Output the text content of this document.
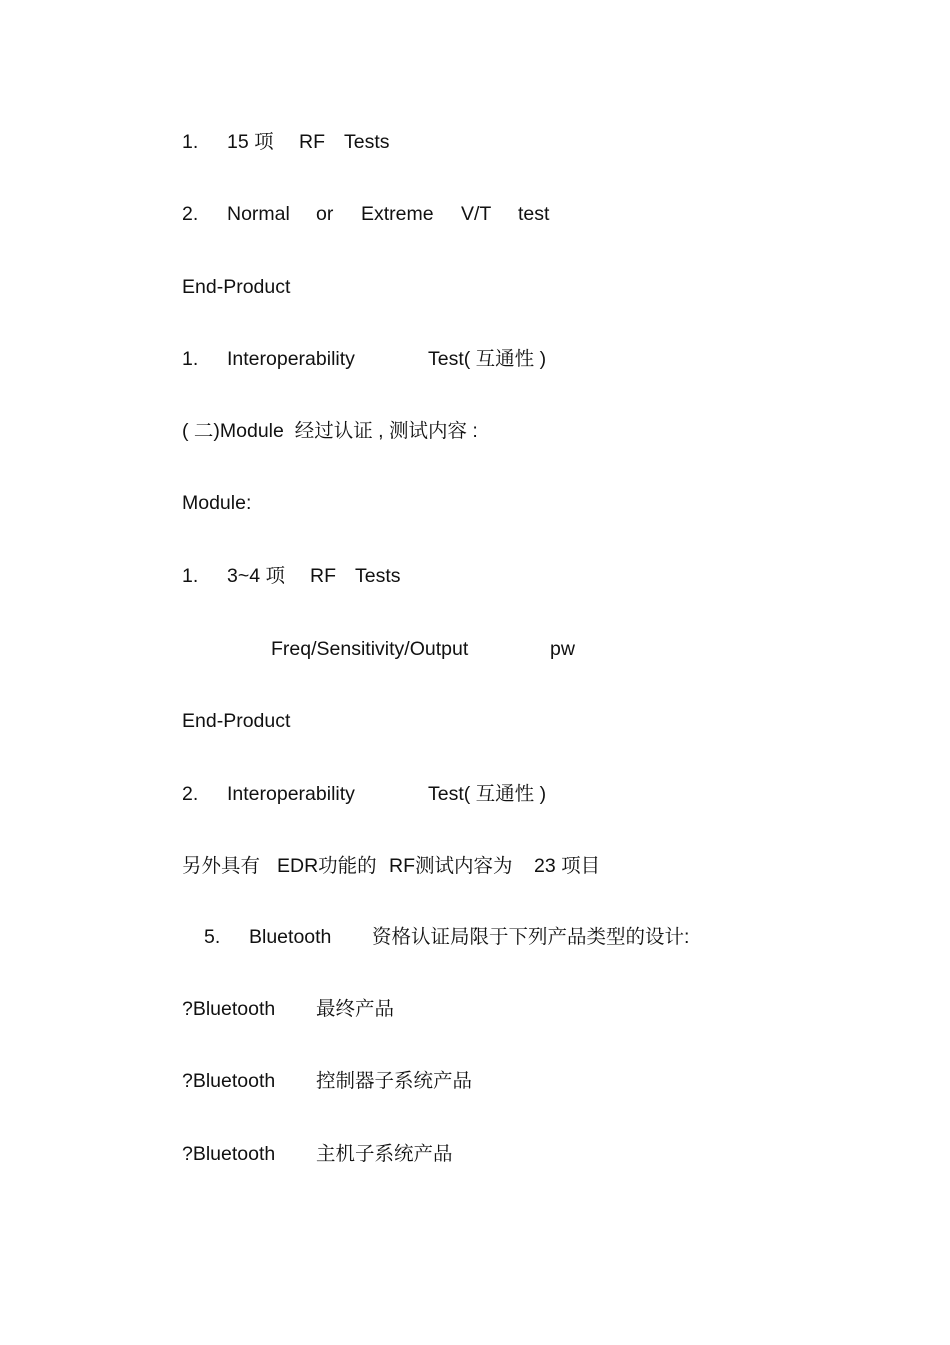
1.

15 项

RF

Tests

2.

Normal

or

Extreme

V/T

test

End-Product

1.

Interoperability

	Test( 互通性 )

( 二)Module  经过认证 , 测试内容 :

Module:

1.

3~4 项

RF

Tests

Freq/Sensitivity/Output

	pw

End-Product

2.

Interoperability

	Test( 互通性 )

另外具有

EDR功能的

RF测试内容为

23 项目

5.

Bluetooth

资格认证局限于下列产品类型的设计:

?Bluetooth

最终产品

?Bluetooth

控制器子系统产品

?Bluetooth

主机子系统产品
